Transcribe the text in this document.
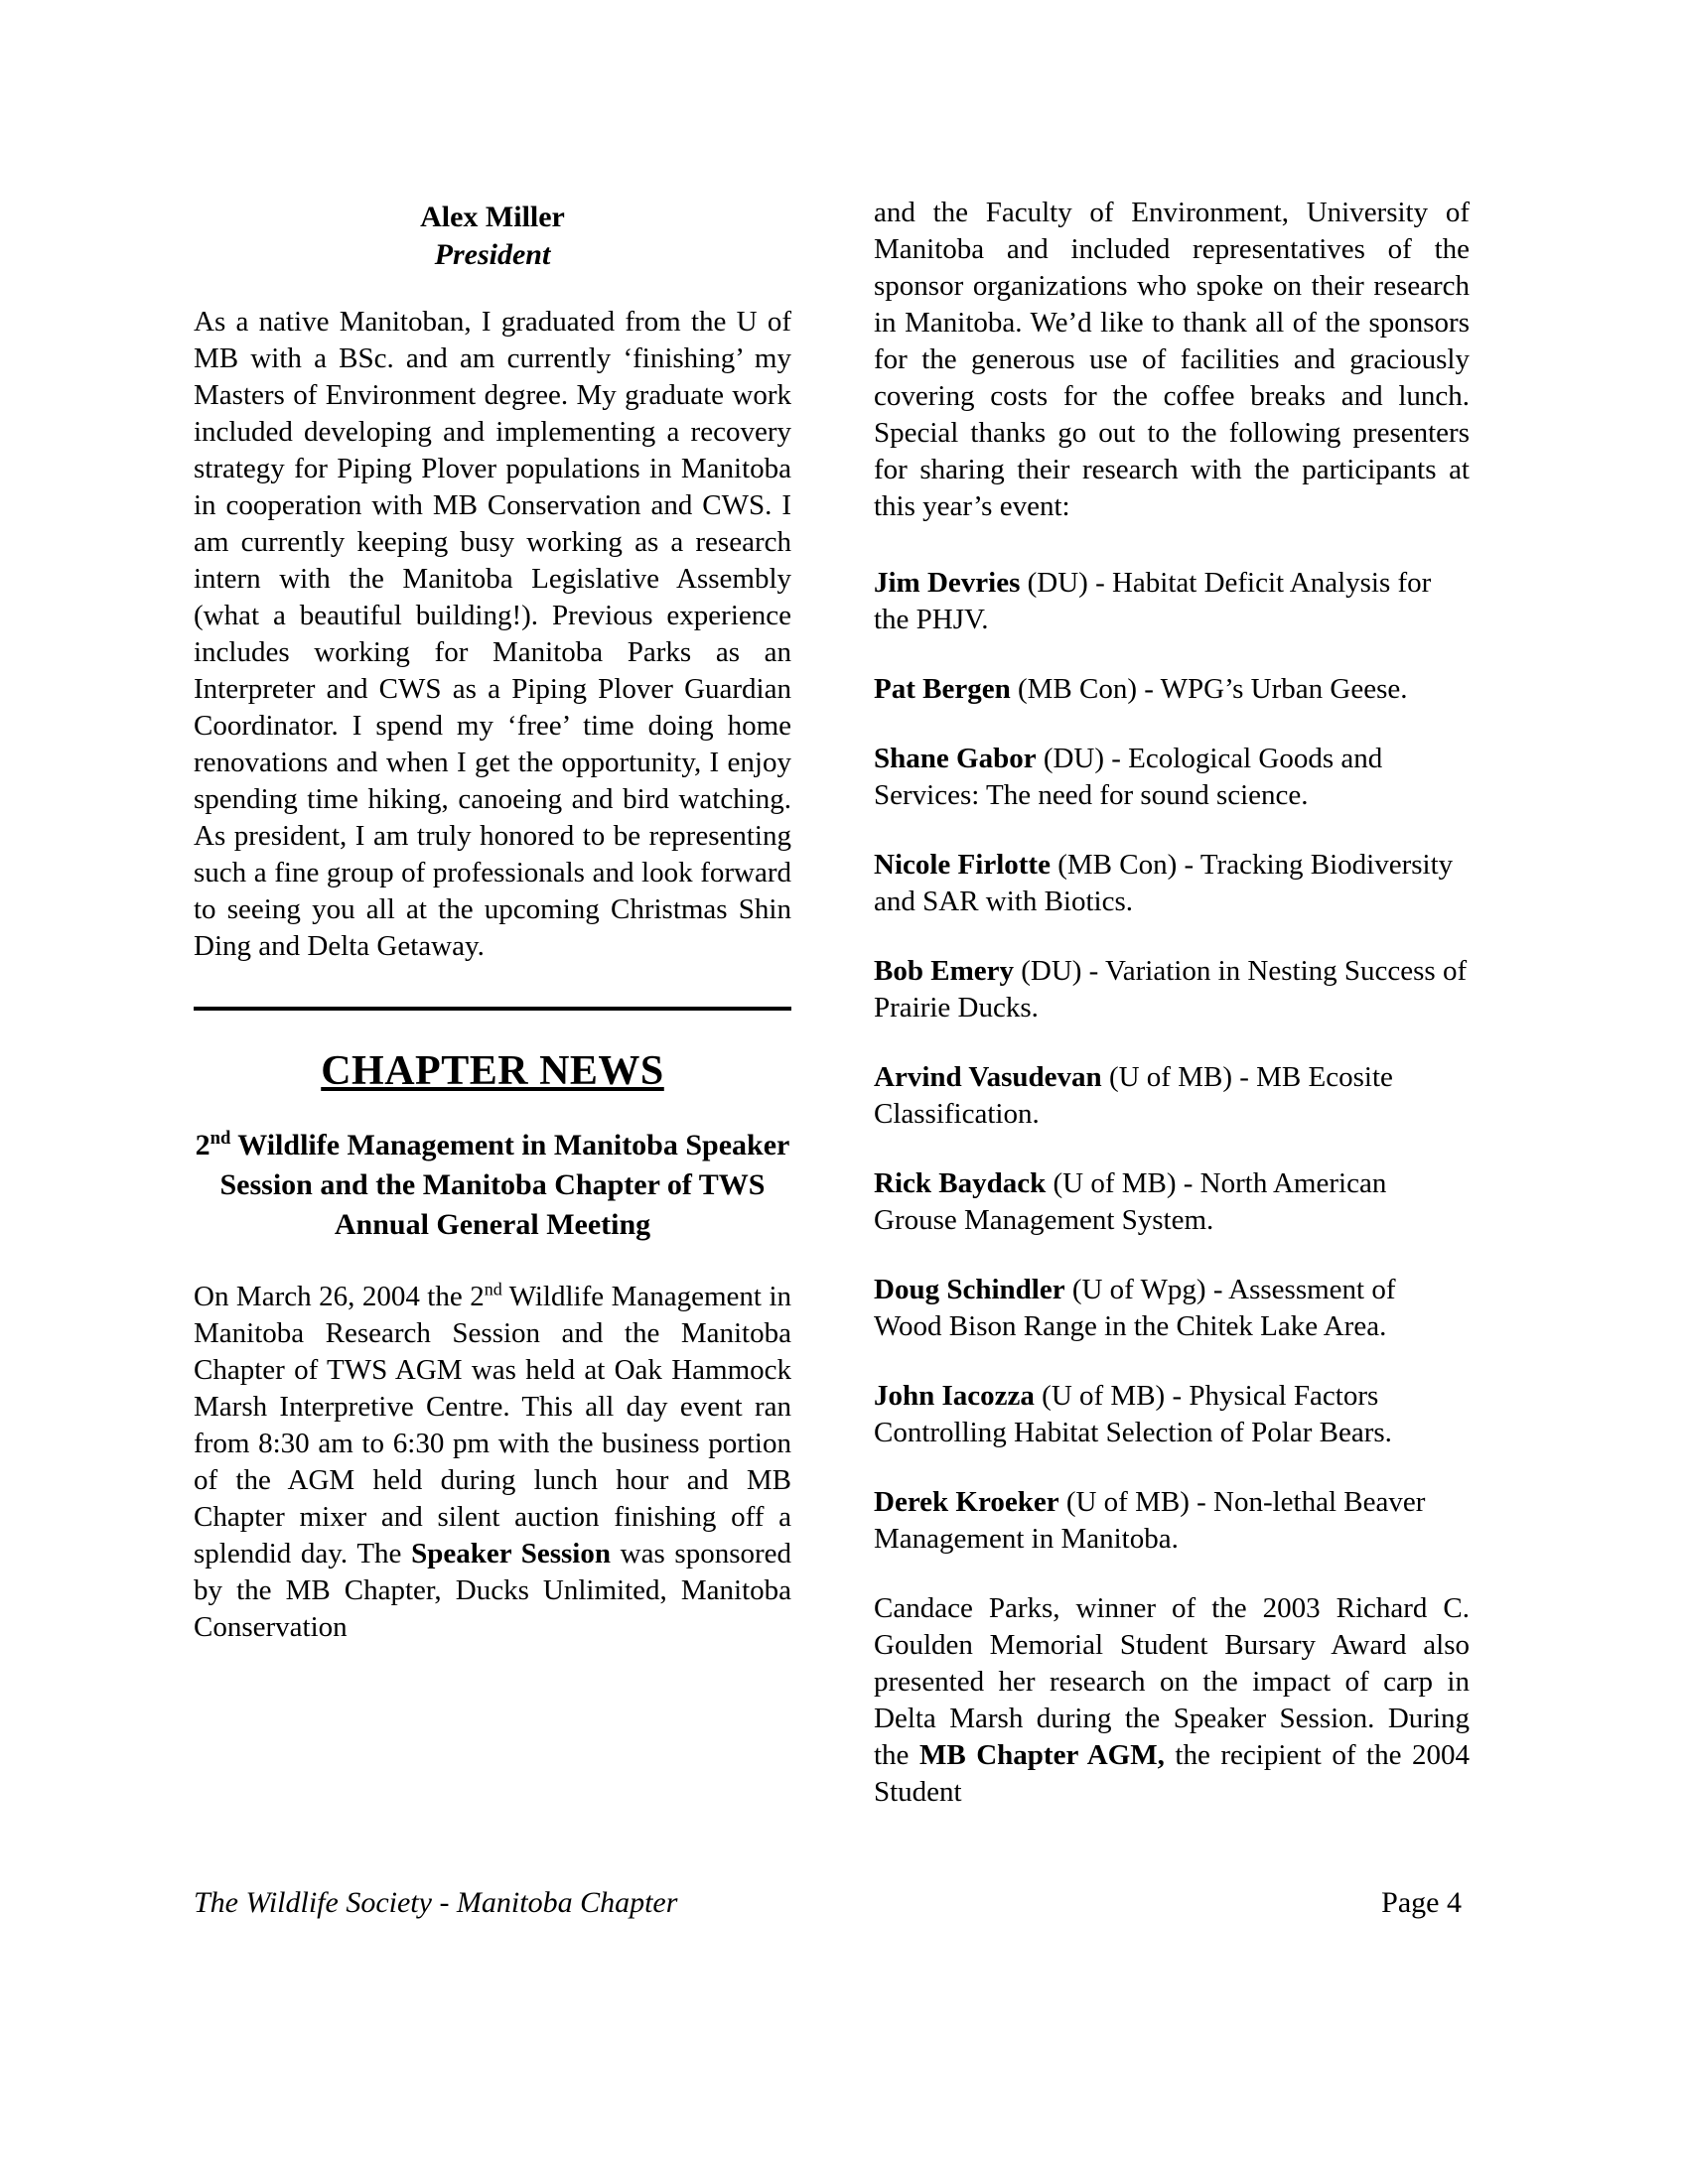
Alex Miller
President

As a native Manitoban, I graduated from the U of MB with a BSc. and am currently ‘finishing’ my Masters of Environment degree. My graduate work included developing and implementing a recovery strategy for Piping Plover populations in Manitoba in cooperation with MB Conservation and CWS. I am currently keeping busy working as a research intern with the Manitoba Legislative Assembly (what a beautiful building!). Previous experience includes working for Manitoba Parks as an Interpreter and CWS as a Piping Plover Guardian Coordinator. I spend my ‘free’ time doing home renovations and when I get the opportunity, I enjoy spending time hiking, canoeing and bird watching. As president, I am truly honored to be representing such a fine group of professionals and look forward to seeing you all at the upcoming Christmas Shin Ding and Delta Getaway.

CHAPTER NEWS
2nd Wildlife Management in Manitoba Speaker Session and the Manitoba Chapter of TWS Annual General Meeting

On March 26, 2004 the 2nd Wildlife Management in Manitoba Research Session and the Manitoba Chapter of TWS AGM was held at Oak Hammock Marsh Interpretive Centre. This all day event ran from 8:30 am to 6:30 pm with the business portion of the AGM held during lunch hour and MB Chapter mixer and silent auction finishing off a splendid day. The Speaker Session was sponsored by the MB Chapter, Ducks Unlimited, Manitoba Conservation

and the Faculty of Environment, University of Manitoba and included representatives of the sponsor organizations who spoke on their research in Manitoba. We’d like to thank all of the sponsors for the generous use of facilities and graciously covering costs for the coffee breaks and lunch. Special thanks go out to the following presenters for sharing their research with the participants at this year’s event:

Jim Devries (DU) - Habitat Deficit Analysis for the PHJV.

Pat Bergen (MB Con) - WPG’s Urban Geese.

Shane Gabor (DU) - Ecological Goods and Services: The need for sound science.

Nicole Firlotte (MB Con) - Tracking Biodiversity and SAR with Biotics.

Bob Emery (DU) - Variation in Nesting Success of Prairie Ducks.

Arvind Vasudevan (U of MB) - MB Ecosite Classification.

Rick Baydack (U of MB) - North American Grouse Management System.

Doug Schindler (U of Wpg) - Assessment of Wood Bison Range in the Chitek Lake Area.

John Iacozza (U of MB) - Physical Factors Controlling Habitat Selection of Polar Bears.

Derek Kroeker (U of MB) - Non-lethal Beaver Management in Manitoba.

Candace Parks, winner of the 2003 Richard C. Goulden Memorial Student Bursary Award also presented her research on the impact of carp in Delta Marsh during the Speaker Session. During the MB Chapter AGM, the recipient of the 2004 Student

The Wildlife Society - Manitoba Chapter	Page 4
